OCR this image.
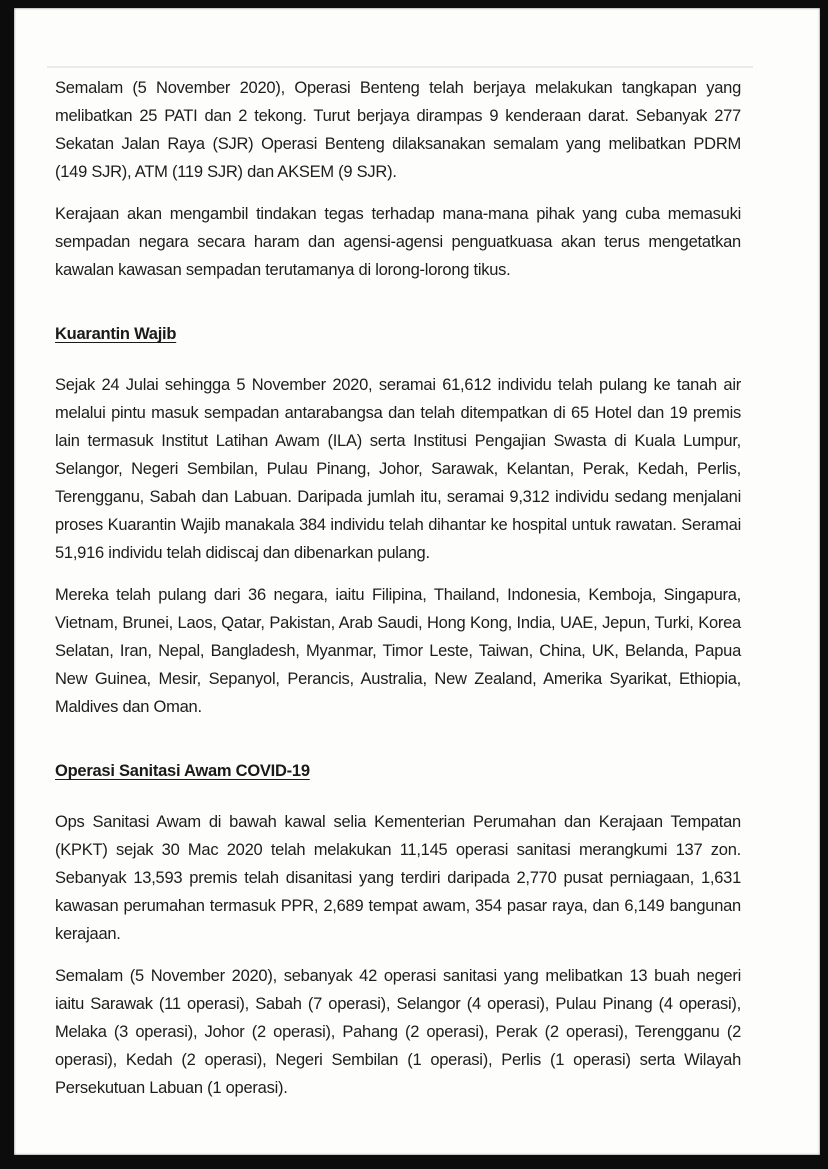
Semalam (5 November 2020), Operasi Benteng telah berjaya melakukan tangkapan yang melibatkan 25 PATI dan 2 tekong. Turut berjaya dirampas 9 kenderaan darat. Sebanyak 277 Sekatan Jalan Raya (SJR) Operasi Benteng dilaksanakan semalam yang melibatkan PDRM (149 SJR), ATM (119 SJR) dan AKSEM (9 SJR).

Kerajaan akan mengambil tindakan tegas terhadap mana-mana pihak yang cuba memasuki sempadan negara secara haram dan agensi-agensi penguatkuasa akan terus mengetatkan kawalan kawasan sempadan terutamanya di lorong-lorong tikus.

Kuarantin Wajib

Sejak 24 Julai sehingga 5 November 2020, seramai 61,612 individu telah pulang ke tanah air melalui pintu masuk sempadan antarabangsa dan telah ditempatkan di 65 Hotel dan 19 premis lain termasuk Institut Latihan Awam (ILA) serta Institusi Pengajian Swasta di Kuala Lumpur, Selangor, Negeri Sembilan, Pulau Pinang, Johor, Sarawak, Kelantan, Perak, Kedah, Perlis, Terengganu, Sabah dan Labuan. Daripada jumlah itu, seramai 9,312 individu sedang menjalani proses Kuarantin Wajib manakala 384 individu telah dihantar ke hospital untuk rawatan. Seramai 51,916 individu telah didiscaj dan dibenarkan pulang.

Mereka telah pulang dari 36 negara, iaitu Filipina, Thailand, Indonesia, Kemboja, Singapura, Vietnam, Brunei, Laos, Qatar, Pakistan, Arab Saudi, Hong Kong, India, UAE, Jepun, Turki, Korea Selatan, Iran, Nepal, Bangladesh, Myanmar, Timor Leste, Taiwan, China, UK, Belanda, Papua New Guinea, Mesir, Sepanyol, Perancis, Australia, New Zealand, Amerika Syarikat, Ethiopia, Maldives dan Oman.

Operasi Sanitasi Awam COVID-19

Ops Sanitasi Awam di bawah kawal selia Kementerian Perumahan dan Kerajaan Tempatan (KPKT) sejak 30 Mac 2020 telah melakukan 11,145 operasi sanitasi merangkumi 137 zon. Sebanyak 13,593 premis telah disanitasi yang terdiri daripada 2,770 pusat perniagaan, 1,631 kawasan perumahan termasuk PPR, 2,689 tempat awam, 354 pasar raya, dan 6,149 bangunan kerajaan.

Semalam (5 November 2020), sebanyak 42 operasi sanitasi yang melibatkan 13 buah negeri iaitu Sarawak (11 operasi), Sabah (7 operasi), Selangor (4 operasi), Pulau Pinang (4 operasi), Melaka (3 operasi), Johor (2 operasi), Pahang (2 operasi), Perak (2 operasi), Terengganu (2 operasi), Kedah (2 operasi), Negeri Sembilan (1 operasi), Perlis (1 operasi) serta Wilayah Persekutuan Labuan (1 operasi).
